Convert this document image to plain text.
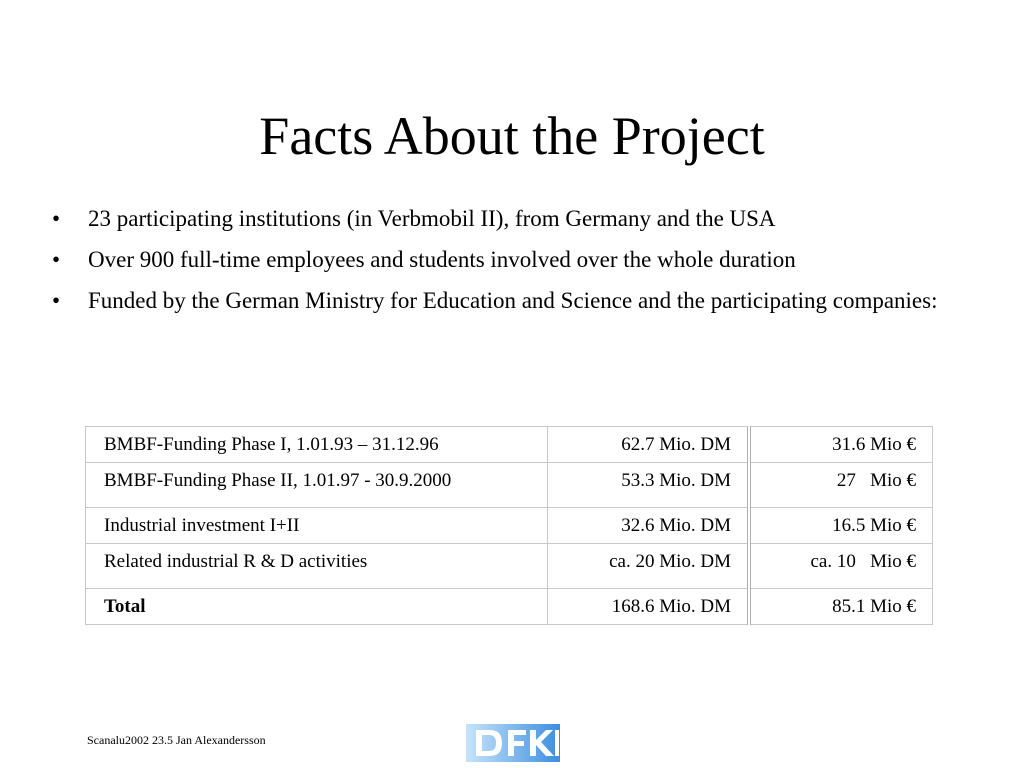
Facts About the Project
•	23 participating institutions (in Verbmobil II), from Germany and the USA
•	Over 900 full-time employees and students involved over the whole duration
•	Funded by the German Ministry for Education and Science and the participating companies:
BMBF-Funding Phase I, 1.01.93 – 31.12.96	62.7 Mio. DM	31.6 Mio €
BMBF-Funding Phase II, 1.01.97 - 30.9.2000	53.3 Mio. DM	27   Mio €
Industrial investment I+II	32.6 Mio. DM	16.5 Mio €
Related industrial R & D activities	ca. 20 Mio. DM	ca. 10   Mio €
Total	168.6 Mio. DM	85.1 Mio €
Scanalu2002 23.5 Jan Alexandersson
